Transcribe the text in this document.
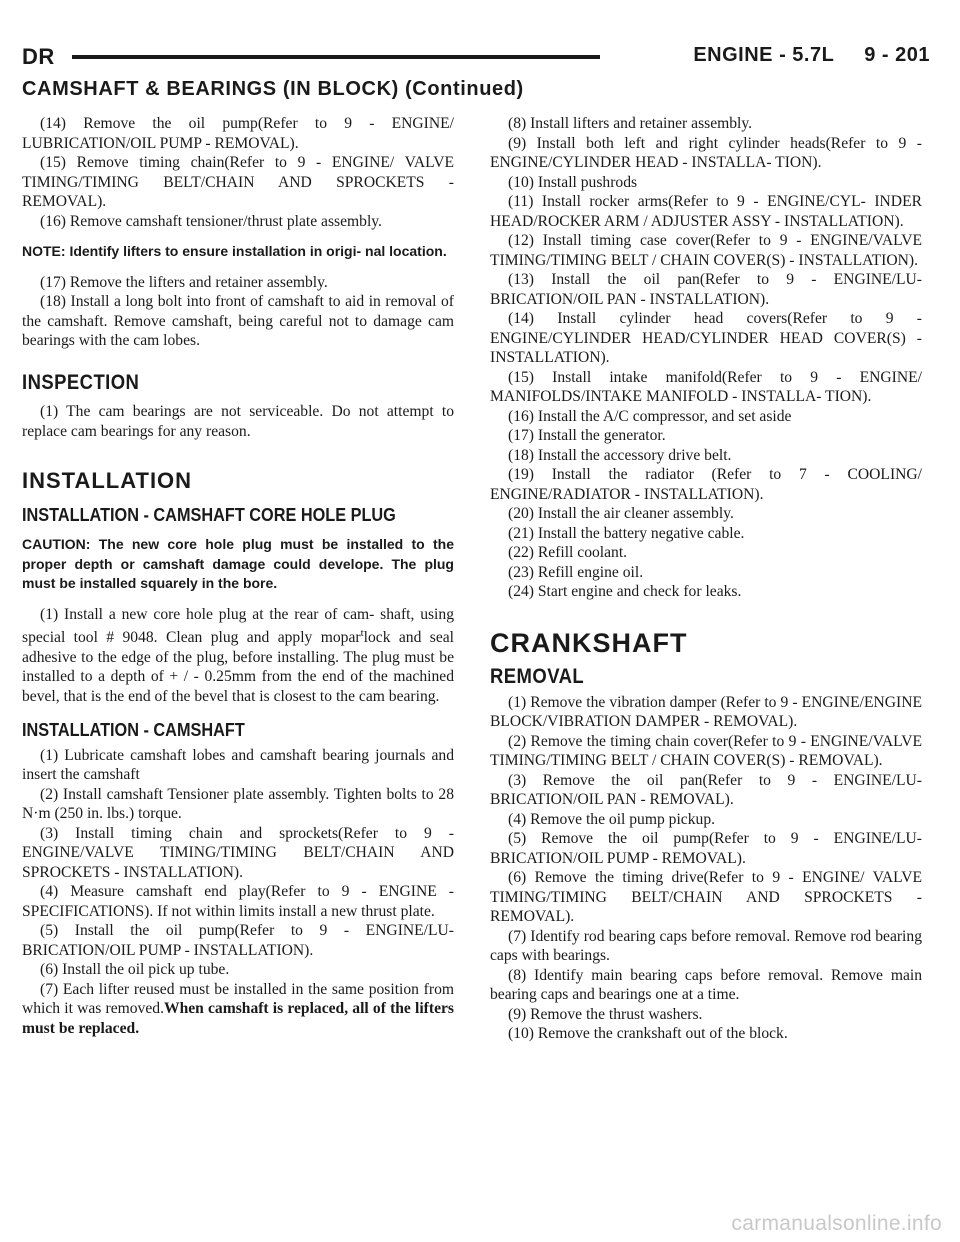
DR	ENGINE - 5.7L     9 - 201
CAMSHAFT & BEARINGS (IN BLOCK) (Continued)

(14) Remove the oil pump(Refer to 9 - ENGINE/ LUBRICATION/OIL PUMP - REMOVAL).

(15) Remove timing chain(Refer to 9 - ENGINE/ VALVE TIMING/TIMING BELT/CHAIN AND SPROCKETS - REMOVAL).

(16) Remove camshaft tensioner/thrust plate assembly.

NOTE: Identify lifters to ensure installation in origi- nal location.

(17) Remove the lifters and retainer assembly.

(18) Install a long bolt into front of camshaft to aid in removal of the camshaft. Remove camshaft, being careful not to damage cam bearings with the cam lobes.

INSPECTION

(1) The cam bearings are not serviceable. Do not attempt to replace cam bearings for any reason.

INSTALLATION
INSTALLATION - CAMSHAFT CORE HOLE PLUG

CAUTION: The new core hole plug must be installed to the proper depth or camshaft damage could develope. The plug must be installed squarely in the bore.

(1) Install a new core hole plug at the rear of cam- shaft, using special tool # 9048. Clean plug and apply mopar$^t$lock and seal adhesive to the edge of the plug, before installing. The plug must be installed to a depth of + / - 0.25mm from the end of the machined bevel, that is the end of the bevel that is closest to the cam bearing.

INSTALLATION - CAMSHAFT

(1) Lubricate camshaft lobes and camshaft bearing journals and insert the camshaft

(2) Install camshaft Tensioner plate assembly. Tighten bolts to 28 N·m (250 in. lbs.) torque.

(3) Install timing chain and sprockets(Refer to 9 - ENGINE/VALVE TIMING/TIMING BELT/CHAIN AND SPROCKETS - INSTALLATION).

(4) Measure camshaft end play(Refer to 9 - ENGINE - SPECIFICATIONS). If not within limits install a new thrust plate.

(5) Install the oil pump(Refer to 9 - ENGINE/LU- BRICATION/OIL PUMP - INSTALLATION).

(6) Install the oil pick up tube.

(7) Each lifter reused must be installed in the same position from which it was removed.When camshaft is replaced, all of the lifters must be replaced.

(8) Install lifters and retainer assembly.

(9) Install both left and right cylinder heads(Refer to 9 - ENGINE/CYLINDER HEAD - INSTALLA- TION).

(10) Install pushrods

(11) Install rocker arms(Refer to 9 - ENGINE/CYL- INDER HEAD/ROCKER ARM / ADJUSTER ASSY - INSTALLATION).

(12) Install timing case cover(Refer to 9 - ENGINE/VALVE TIMING/TIMING BELT / CHAIN COVER(S) - INSTALLATION).

(13) Install the oil pan(Refer to 9 - ENGINE/LU- BRICATION/OIL PAN - INSTALLATION).

(14) Install cylinder head covers(Refer to 9 - ENGINE/CYLINDER HEAD/CYLINDER HEAD COVER(S) - INSTALLATION).

(15) Install intake manifold(Refer to 9 - ENGINE/ MANIFOLDS/INTAKE MANIFOLD - INSTALLA- TION).

(16) Install the A/C compressor, and set aside

(17) Install the generator.

(18) Install the accessory drive belt.

(19) Install the radiator (Refer to 7 - COOLING/ ENGINE/RADIATOR - INSTALLATION).

(20) Install the air cleaner assembly.

(21) Install the battery negative cable.

(22) Refill coolant.

(23) Refill engine oil.

(24) Start engine and check for leaks.

CRANKSHAFT
REMOVAL

(1) Remove the vibration damper (Refer to 9 - ENGINE/ENGINE BLOCK/VIBRATION DAMPER - REMOVAL).

(2) Remove the timing chain cover(Refer to 9 - ENGINE/VALVE TIMING/TIMING BELT / CHAIN COVER(S) - REMOVAL).

(3) Remove the oil pan(Refer to 9 - ENGINE/LU- BRICATION/OIL PAN - REMOVAL).

(4) Remove the oil pump pickup.

(5) Remove the oil pump(Refer to 9 - ENGINE/LU- BRICATION/OIL PUMP - REMOVAL).

(6) Remove the timing drive(Refer to 9 - ENGINE/ VALVE TIMING/TIMING BELT/CHAIN AND SPROCKETS - REMOVAL).

(7) Identify rod bearing caps before removal. Remove rod bearing caps with bearings.

(8) Identify main bearing caps before removal. Remove main bearing caps and bearings one at a time.

(9) Remove the thrust washers.

(10) Remove the crankshaft out of the block.

carmanualsonline.info
